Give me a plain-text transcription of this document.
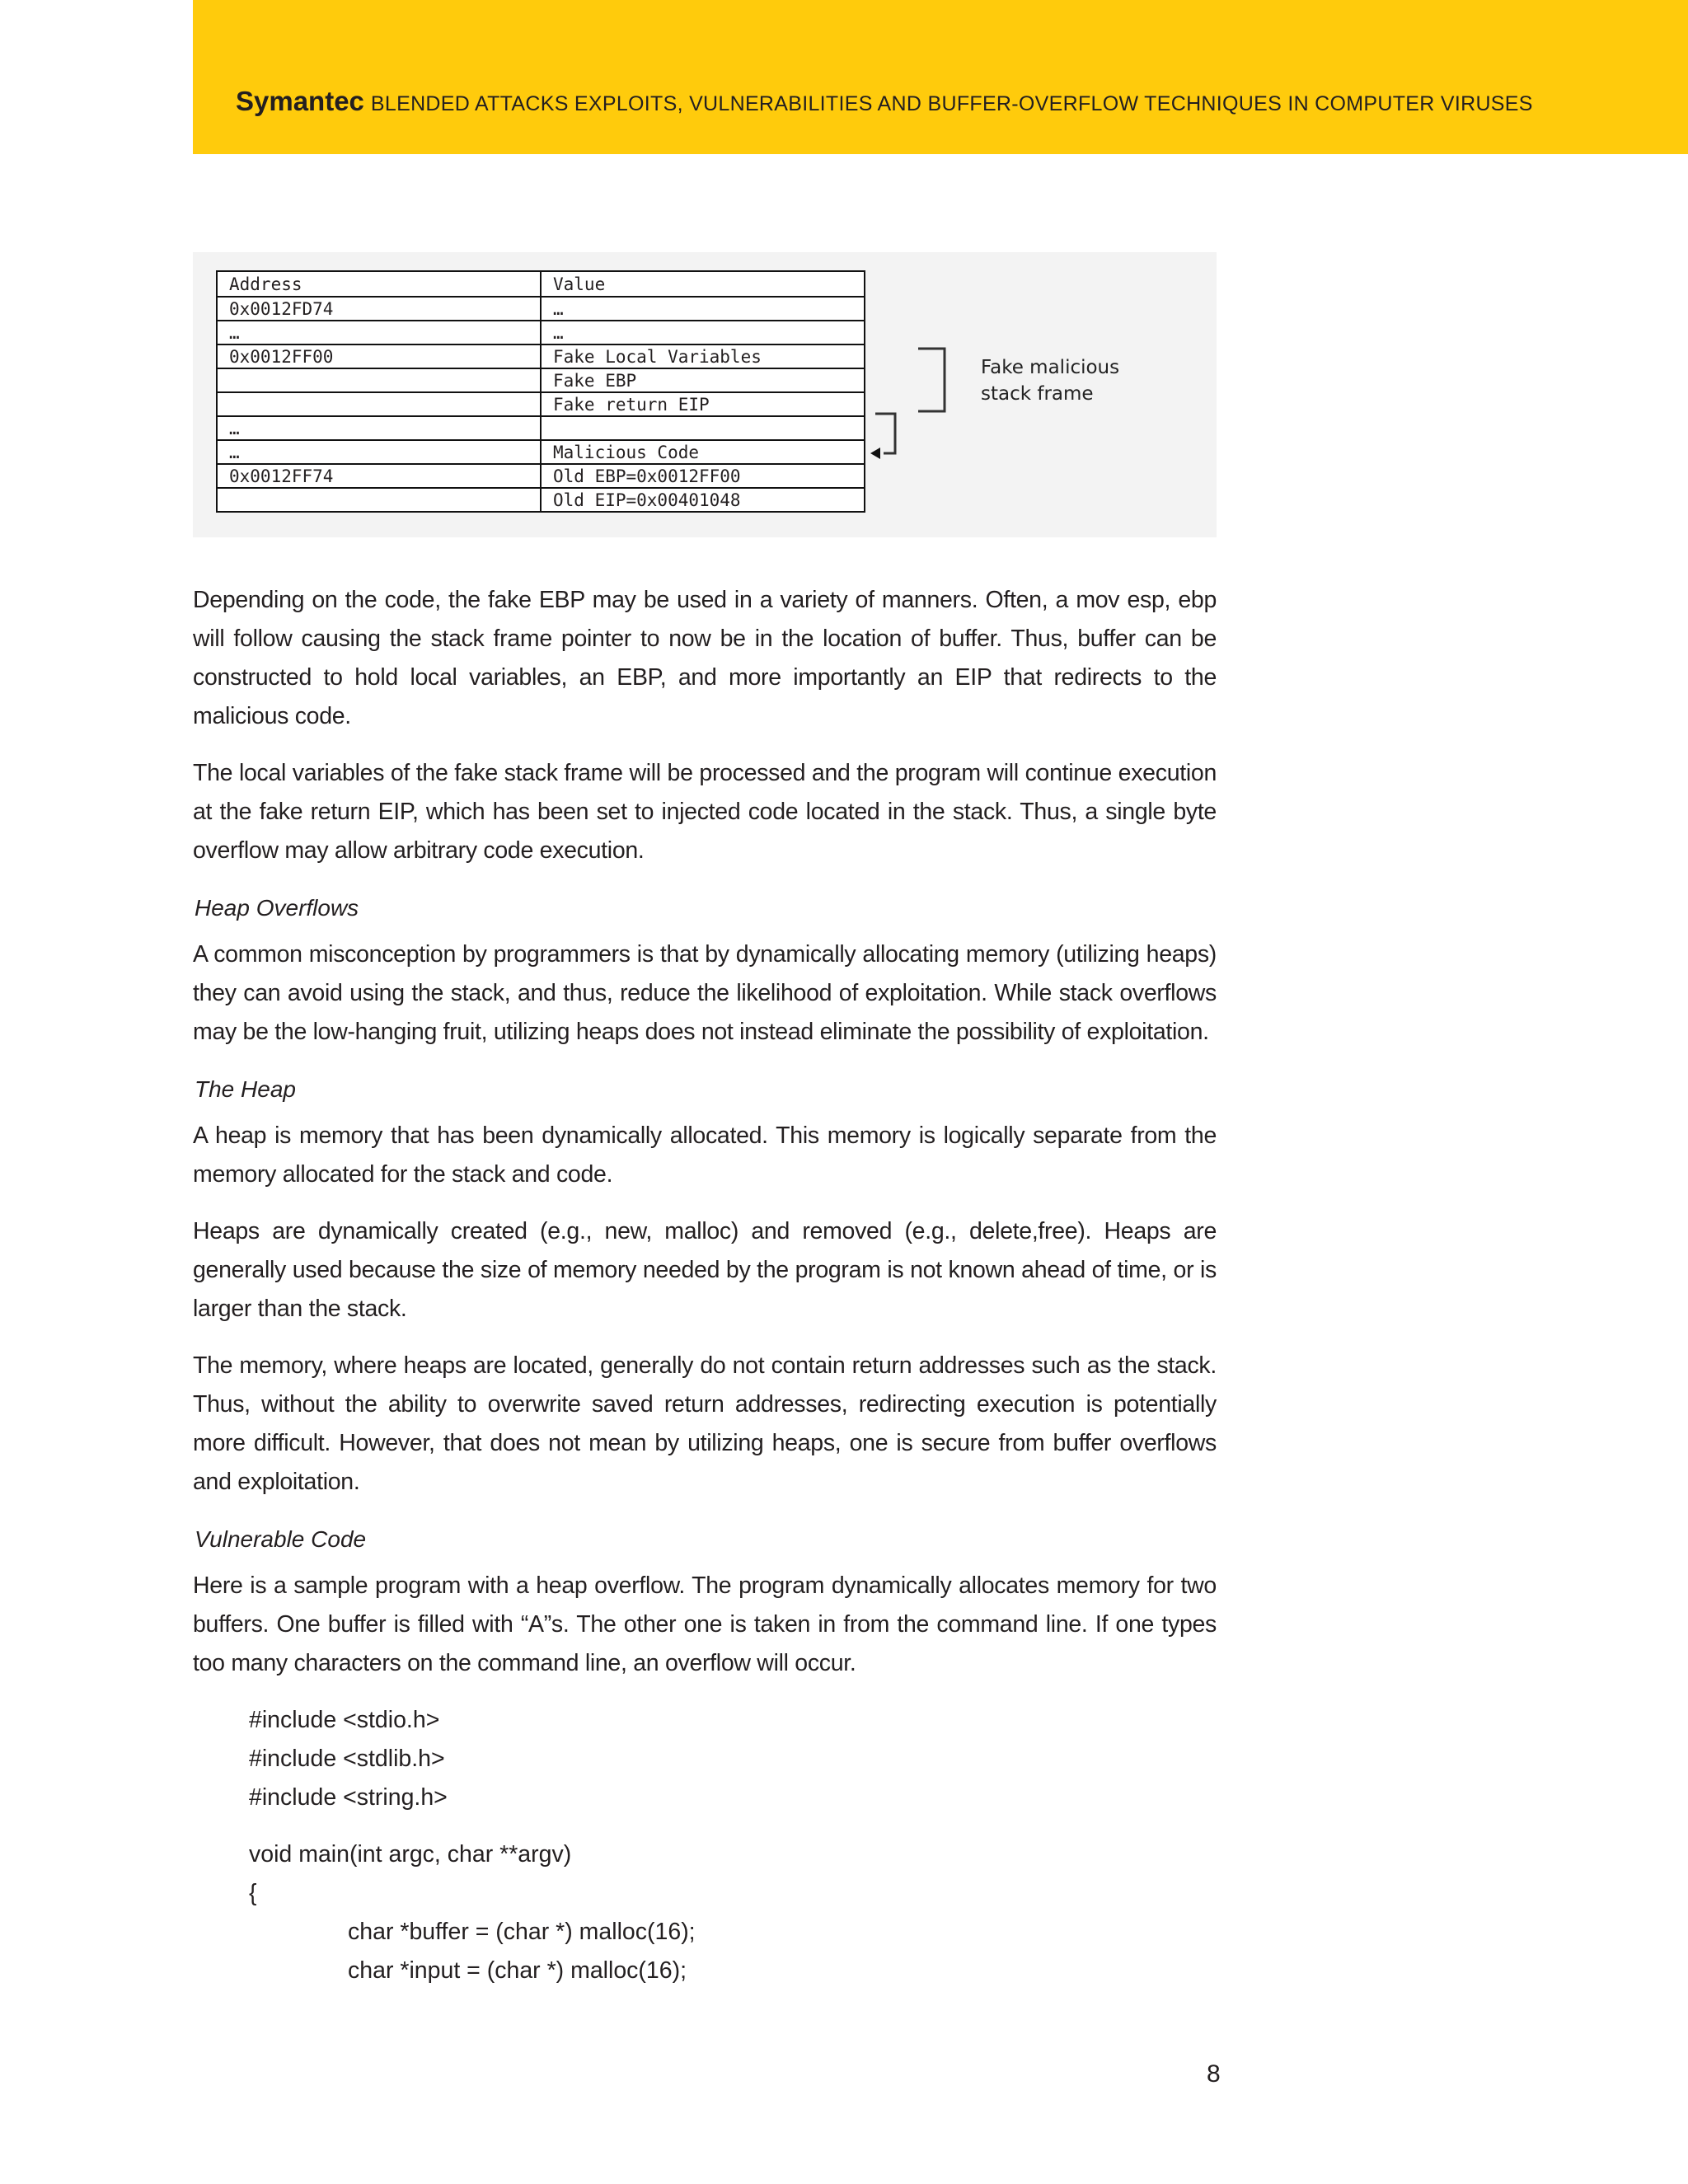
Symantec BLENDED ATTACKS EXPLOITS, VULNERABILITIES AND BUFFER-OVERFLOW TECHNIQUES IN COMPUTER VIRUSES
Address	Value
0x0012FD74	…
…	…
0x0012FF00	Fake Local Variables
	Fake EBP
	Fake return EIP
…	
…	Malicious Code
0x0012FF74	Old EBP=0x0012FF00
	Old EIP=0x00401048
Fake malicious
stack frame

Depending on the code, the fake EBP may be used in a variety of manners. Often, a mov esp, ebp will follow causing the stack frame pointer to now be in the location of buffer. Thus, buffer can be constructed to hold local variables, an EBP, and more importantly an EIP that redirects to the malicious code.

The local variables of the fake stack frame will be processed and the program will continue execution at the fake return EIP, which has been set to injected code located in the stack. Thus, a single byte overflow may allow arbitrary code execution.

Heap Overflows

A common misconception by programmers is that by dynamically allocating memory (utilizing heaps) they can avoid using the stack, and thus, reduce the likelihood of exploitation. While stack overflows may be the low-hanging fruit, utilizing heaps does not instead eliminate the possibility of exploitation.

The Heap

A heap is memory that has been dynamically allocated. This memory is logically separate from the memory allocated for the stack and code.

Heaps are dynamically created (e.g., new, malloc) and removed (e.g., delete,free). Heaps are generally used because the size of memory needed by the program is not known ahead of time, or is larger than the stack.

The memory, where heaps are located, generally do not contain return addresses such as the stack. Thus, without the ability to overwrite saved return addresses, redirecting execution is potentially more difficult. However, that does not mean by utilizing heaps, one is secure from buffer overflows and exploitation.

Vulnerable Code

Here is a sample program with a heap overflow. The program dynamically allocates memory for two buffers. One buffer is filled with “A”s. The other one is taken in from the command line. If one types too many characters on the command line, an overflow will occur.

#include <stdio.h>
#include <stdlib.h>
#include <string.h>
void main(int argc, char **argv)
{
char *buffer = (char *) malloc(16);
char *input = (char *) malloc(16);
8
